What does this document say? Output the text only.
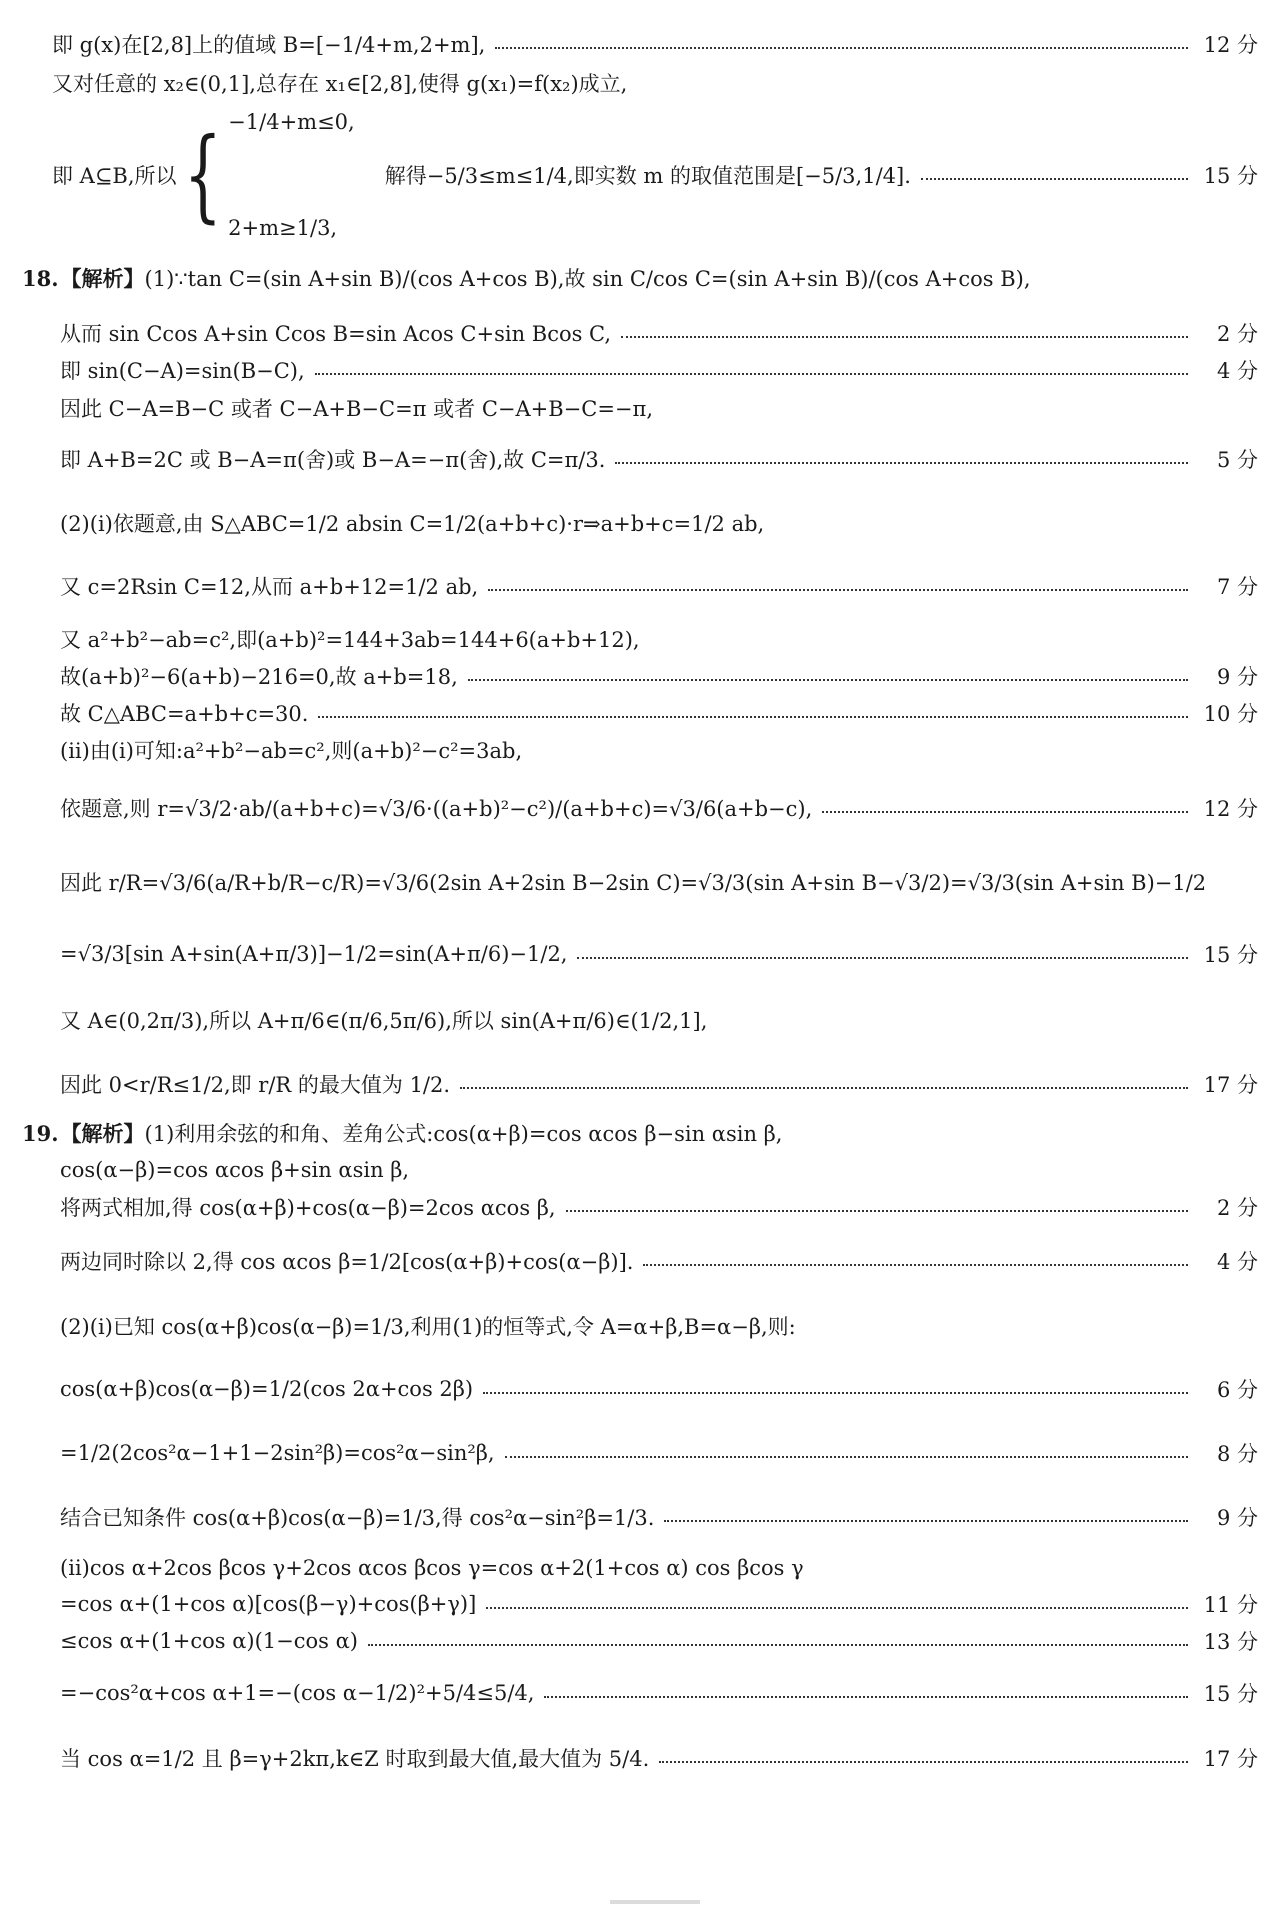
即 g(x)在[2,8]上的值域 B=[−1/4+m,2+m],	12 分
又对任意的 x₂∈(0,1],总存在 x₁∈[2,8],使得 g(x₁)=f(x₂)成立,
即 A⊆B,所以 { −1/4+m≤0,
2+m≥1/3,
解得−5/3≤m≤1/4,即实数 m 的取值范围是[−5/3,1/4].	15 分
18. 【解析】 (1)∵tan C=(sin A+sin B)/(cos A+cos B),故 sin C/cos C=(sin A+sin B)/(cos A+cos B),
从而 sin Ccos A+sin Ccos B=sin Acos C+sin Bcos C,	2 分
即 sin(C−A)=sin(B−C),	4 分
因此 C−A=B−C 或者 C−A+B−C=π 或者 C−A+B−C=−π,
即 A+B=2C 或 B−A=π(舍)或 B−A=−π(舍),故 C=π/3.	5 分
(2)(ⅰ)依题意,由 S△ABC=1/2 absin C=1/2(a+b+c)·r⇒a+b+c=1/2 ab,
又 c=2Rsin C=12,从而 a+b+12=1/2 ab,	7 分
又 a²+b²−ab=c²,即(a+b)²=144+3ab=144+6(a+b+12),
故(a+b)²−6(a+b)−216=0,故 a+b=18,	9 分
故 C△ABC=a+b+c=30.	10 分
(ⅱ)由(ⅰ)可知:a²+b²−ab=c²,则(a+b)²−c²=3ab,
依题意,则 r=√3/2·ab/(a+b+c)=√3/6·((a+b)²−c²)/(a+b+c)=√3/6(a+b−c),	12 分
因此 r/R=√3/6(a/R+b/R−c/R)=√3/6(2sin A+2sin B−2sin C)=√3/3(sin A+sin B−√3/2)=√3/3(sin A+sin B)−1/2
=√3/3[sin A+sin(A+π/3)]−1/2=sin(A+π/6)−1/2,	15 分
又 A∈(0,2π/3),所以 A+π/6∈(π/6,5π/6),所以 sin(A+π/6)∈(1/2,1],
因此 0<r/R≤1/2,即 r/R 的最大值为 1/2.	17 分
19. 【解析】 (1)利用余弦的和角、差角公式:cos(α+β)=cos αcos β−sin αsin β,
cos(α−β)=cos αcos β+sin αsin β,
将两式相加,得 cos(α+β)+cos(α−β)=2cos αcos β,	2 分
两边同时除以 2,得 cos αcos β=1/2[cos(α+β)+cos(α−β)].	4 分
(2)(ⅰ)已知 cos(α+β)cos(α−β)=1/3,利用(1)的恒等式,令 A=α+β,B=α−β,则:
cos(α+β)cos(α−β)=1/2(cos 2α+cos 2β)	6 分
=1/2(2cos²α−1+1−2sin²β)=cos²α−sin²β,	8 分
结合已知条件 cos(α+β)cos(α−β)=1/3,得 cos²α−sin²β=1/3.	9 分
(ⅱ)cos α+2cos βcos γ+2cos αcos βcos γ=cos α+2(1+cos α) cos βcos γ
=cos α+(1+cos α)[cos(β−γ)+cos(β+γ)]	11 分
≤cos α+(1+cos α)(1−cos α)	13 分
=−cos²α+cos α+1=−(cos α−1/2)²+5/4≤5/4,	15 分
当 cos α=1/2 且 β=γ+2kπ,k∈Z 时取到最大值,最大值为 5/4.	17 分
